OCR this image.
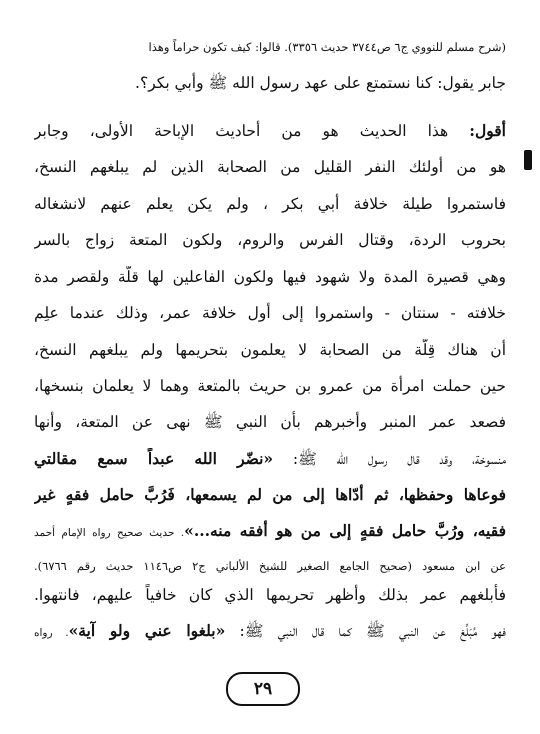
(شرح مسلم للنووي ج٦ ص٣٧٤٤ حديث ٣٣٥٦). قالوا: كيف تكون حراماً وهذا
جابر يقول: كنا نستمتع على عهد رسول الله ﷺ وأبي بكر؟.
أقول: هذا الحديث هو من أحاديث الإباحة الأولى، وجابر
هو من أولئك النفر القليل من الصحابة الذين لم يبلغهم النسخ،
فاستمروا طيلة خلافة أبي بكر ، ولم يكن يعلم عنهم لانشغاله
بحروب الردة، وقتال الفرس والروم، ولكون المتعة زواج بالسر
وهي قصيرة المدة ولا شهود فيها ولكون الفاعلين لها قلّة ولقصر مدة
خلافته - سنتان - واستمروا إلى أول خلافة عمر، وذلك عندما علِم
أن هناك قِلّة من الصحابة لا يعلمون بتحريمها ولم يبلغهم النسخ،
حين حملت امرأة من عمرو بن حريث بالمتعة وهما لا يعلمان بنسخها،
فصعد عمر المنبر وأخبرهم بأن النبي ﷺ نهى عن المتعة، وأنها
منسوخة، وقد قال رسول الله ﷺ: «نضّر الله عبداً سمع مقالتي
فوعاها وحفظها، ثم أدّاها إلى من لم يسمعها، فَرُبَّ حامل فقهٍ غير
فقيه، ورُبَّ حامل فقهٍ إلى من هو أفقه منه...». حديث صحيح رواه الإمام أحمد
عن ابن مسعود (صحيح الجامع الصغير للشيخ الألباني ج٢ ص١١٤٦ حديث رقم ٦٧٦٦).
فأبلغهم عمر بذلك وأظهر تحريمها الذي كان خافياً عليهم، فانتهوا.
فهو مُبَلِّغ عن النبي ﷺ كما قال النبي ﷺ: «بلغوا عني ولو آية». رواه
٢٩
